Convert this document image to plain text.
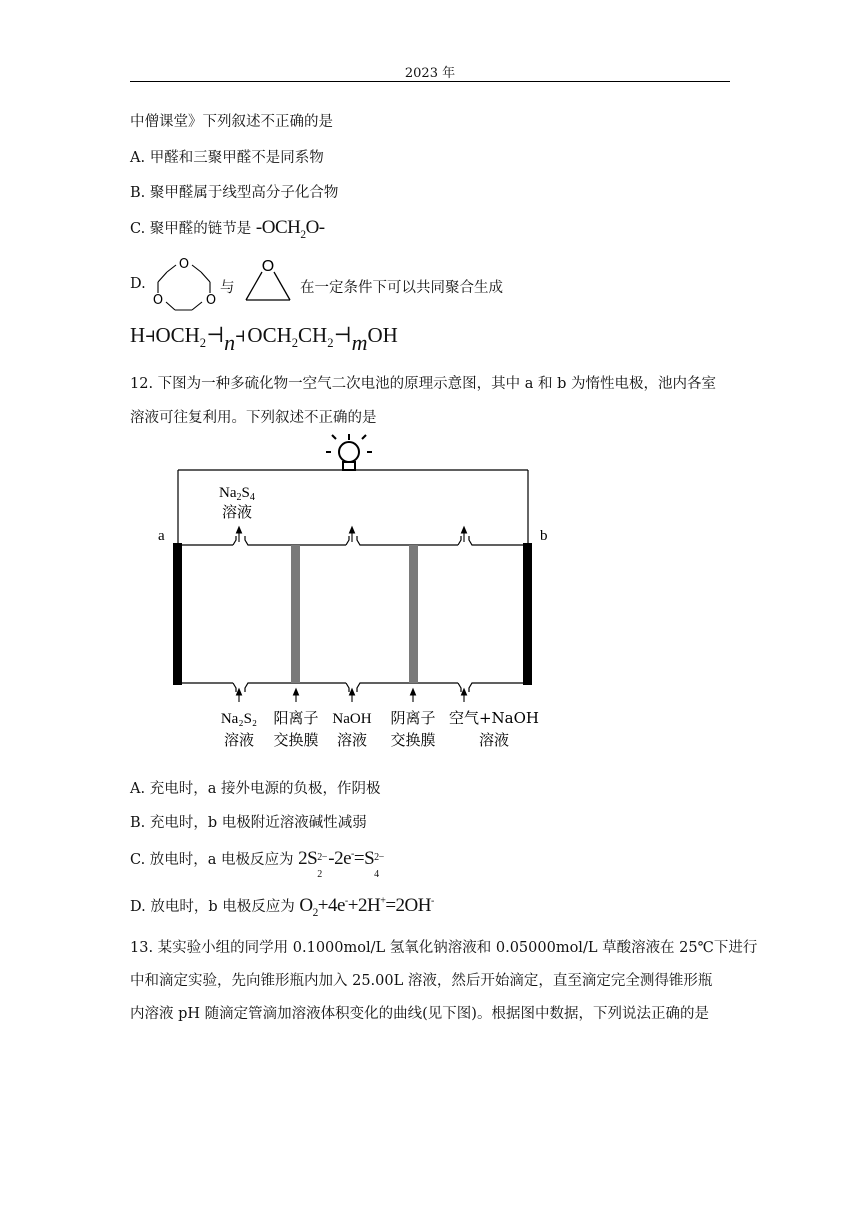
2023 年
中僧课堂》下列叙述不正确的是
A. 甲醛和三聚甲醛不是同系物
B. 聚甲醛属于线型高分子化合物
C. 聚甲醛的链节是 $-OCH_2O-$
D.
O
O	O
O
与	在一定条件下可以共同聚合生成
H⫞ $OCH_2⊣n⫞$ $OCH_2CH_2⊣mOH$
12. 下图为一种多硫化物一空气二次电池的原理示意图，其中 a 和 b 为惰性电极，池内各室
溶液可往复利用。下列叙述不正确的是
a	b
$Na_2S_4$
溶液
Na₂S₂
溶液
阳离子
交换膜
NaOH
溶液
阴离子
交换膜
空气+NaOH
溶液
A. 充电时，a 接外电源的负极，作阴极
B. 充电时，b 电极附近溶液碱性减弱
C. 放电时，a 电极反应为 2S 2−
2
-2e-=S 2−
4
D. 放电时，b 电极反应为 $O_2+4e^-+2H^+=2OH^-$
13. 某实验小组的同学用 0.1000mol/L 氢氧化钠溶液和 0.05000mol/L 草酸溶液在 25℃下进行
中和滴定实验，先向锥形瓶内加入 25.00L 溶液，然后开始滴定，直至滴定完全测得锥形瓶
内溶液 pH 随滴定管滴加溶液体积变化的曲线(见下图)。根据图中数据，下列说法正确的是
